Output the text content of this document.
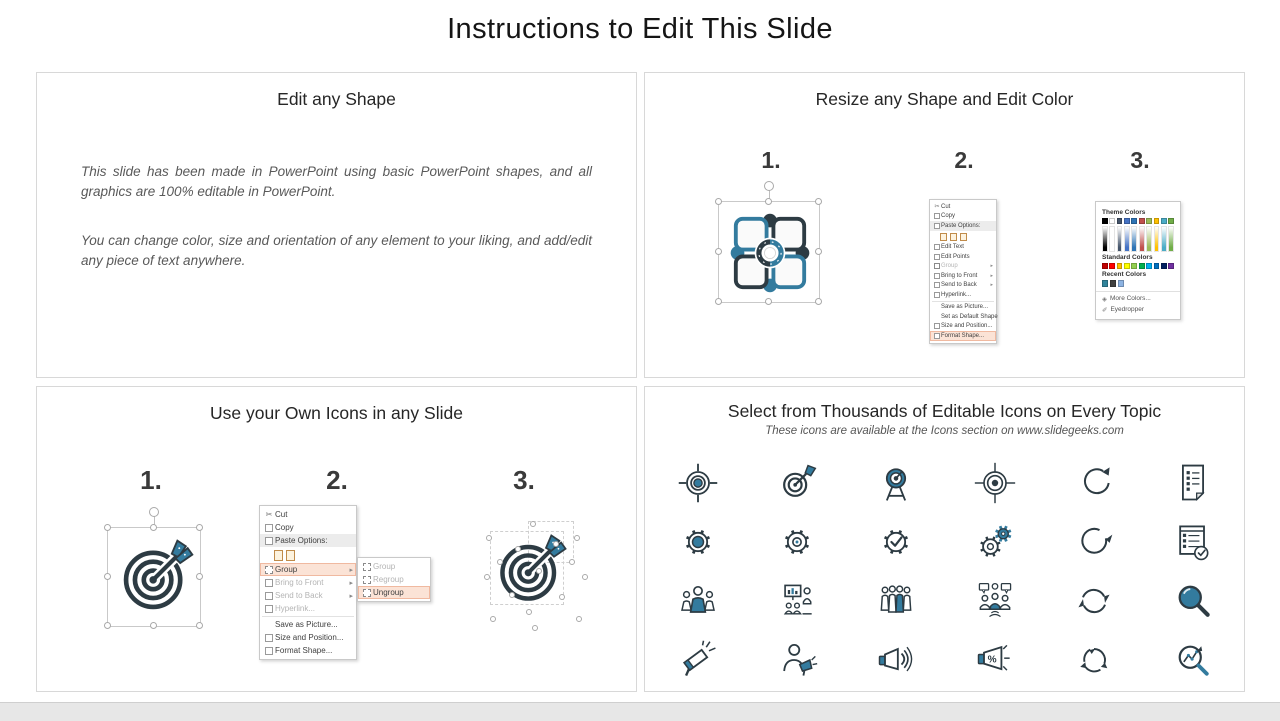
Instructions to Edit This Slide
Edit any Shape

This slide has been made in PowerPoint using basic PowerPoint shapes, and all graphics are 100% editable in PowerPoint.

You can change color, size and orientation of any element to your liking, and add/edit any piece of text anywhere.

Resize any Shape and Edit Color
1.	2.	3.
✂ Cut
Copy
Paste Options:
Edit Text
Edit Points
Group	▸
Bring to Front	▸
Send to Back	▸
Hyperlink...
Save as Picture...
Set as Default Shape
Size and Position...
Format Shape...
Theme Colors
Standard Colors
Recent Colors
◈ More Colors...
✐ Eyedropper
Use your Own Icons in any Slide
1.	2.	3.
✂ Cut
Copy
Paste Options:
Group	▸
Bring to Front	▸
Send to Back	▸
Hyperlink...
Save as Picture...
Size and Position...
Format Shape...
Group
Regroup
Ungroup
Select from Thousands of Editable Icons on Every Topic
These icons are available at the Icons section on www.slidegeeks.com
%
